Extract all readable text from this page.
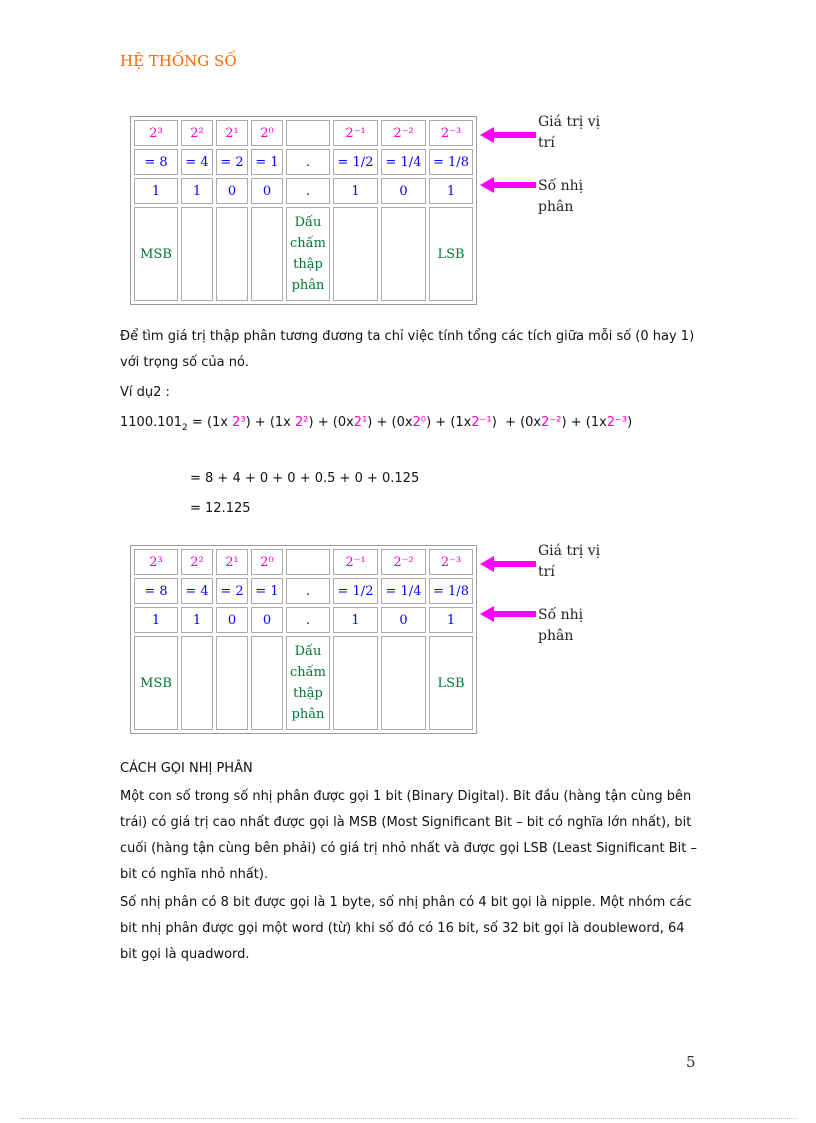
HỆ THỐNG SỐ
2³	2²	2¹	2⁰		2⁻¹	2⁻²	2⁻³
= 8	= 4	= 2	= 1	.	= 1/2	= 1/4	= 1/8
1	1	0	0	.	1	0	1
MSB				Dấu
chấm
thập
phân			LSB
Giá trị vị trí
Số nhị phân
Để tìm giá trị thập phân tương đương ta chỉ việc tính tổng các tích giữa mỗi số (0 hay 1) với trọng số của nó.
Ví dụ2 :
$1100.101_2 = (1x$ 2³) + (1x 2²) + (0x2¹) + (0x2⁰) + (1x2⁻¹)  + (0x2⁻²) + (1x2⁻³)
= 8 + 4 + 0 + 0 + 0.5 + 0 + 0.125
= 12.125
2³	2²	2¹	2⁰		2⁻¹	2⁻²	2⁻³
= 8	= 4	= 2	= 1	.	= 1/2	= 1/4	= 1/8
1	1	0	0	.	1	0	1
MSB				Dấu
chấm
thập
phân			LSB
Giá trị vị trí
Số nhị phân
CÁCH GỌI NHỊ PHÂN
Một con số trong số nhị phân được gọi 1 bit (Binary Digital). Bit đầu (hàng tận cùng bên trái) có giá trị cao nhất được gọi là MSB (Most Significant Bit – bit có nghĩa lớn nhất), bit cuối (hàng tận cùng bên phải) có giá trị nhỏ nhất và được gọi LSB (Least Significant Bit – bit có nghĩa nhỏ nhất).
Số nhị phân có 8 bit được gọi là 1 byte, số nhị phân có 4 bit gọi là nipple. Một nhóm các bit nhị phân được gọi một word (từ) khi số đó có 16 bit, số 32 bit gọi là doubleword, 64 bit gọi là quadword.
5
